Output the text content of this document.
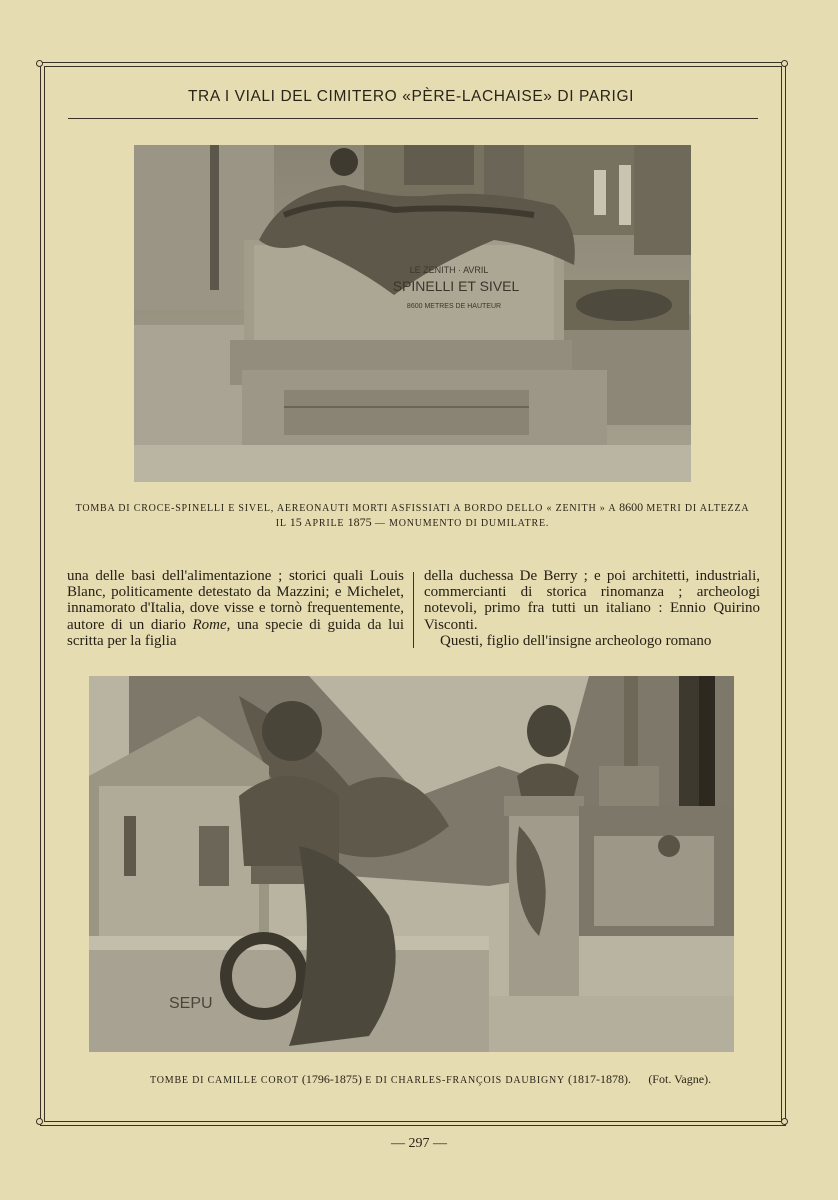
TRA I VIALI DEL CIMITERO «PÈRE-LACHAISE» DI PARIGI
LE ZENITH · AVRIL
SPINELLI ET SIVEL
8600 METRES DE HAUTEUR
TOMBA DI CROCE-SPINELLI E SIVEL, AEREONAUTI MORTI ASFISSIATI A BORDO DELLO « ZENITH » A 8600 METRI DI ALTEZZA
IL 15 APRILE 1875 — MONUMENTO DI DUMILATRE.

una delle basi dell'alimentazione ; storici quali Louis Blanc, politicamente detestato da Mazzini; e Michelet, innamorato d'Italia, dove visse e tornò frequentemente, autore di un diario Rome, una specie di guida da lui scritta per la figlia

della duchessa De Berry ; e poi architetti, industriali, commercianti di storica rinomanza ; archeologi notevoli, primo fra tutti un italiano : Ennio Quirino Visconti.

Questi, figlio dell'insigne archeologo romano

SEPU
TOMBE DI CAMILLE COROT (1796-1875) E DI CHARLES-FRANÇOIS DAUBIGNY (1817-1878). (Fot. Vagne).
— 297 —
